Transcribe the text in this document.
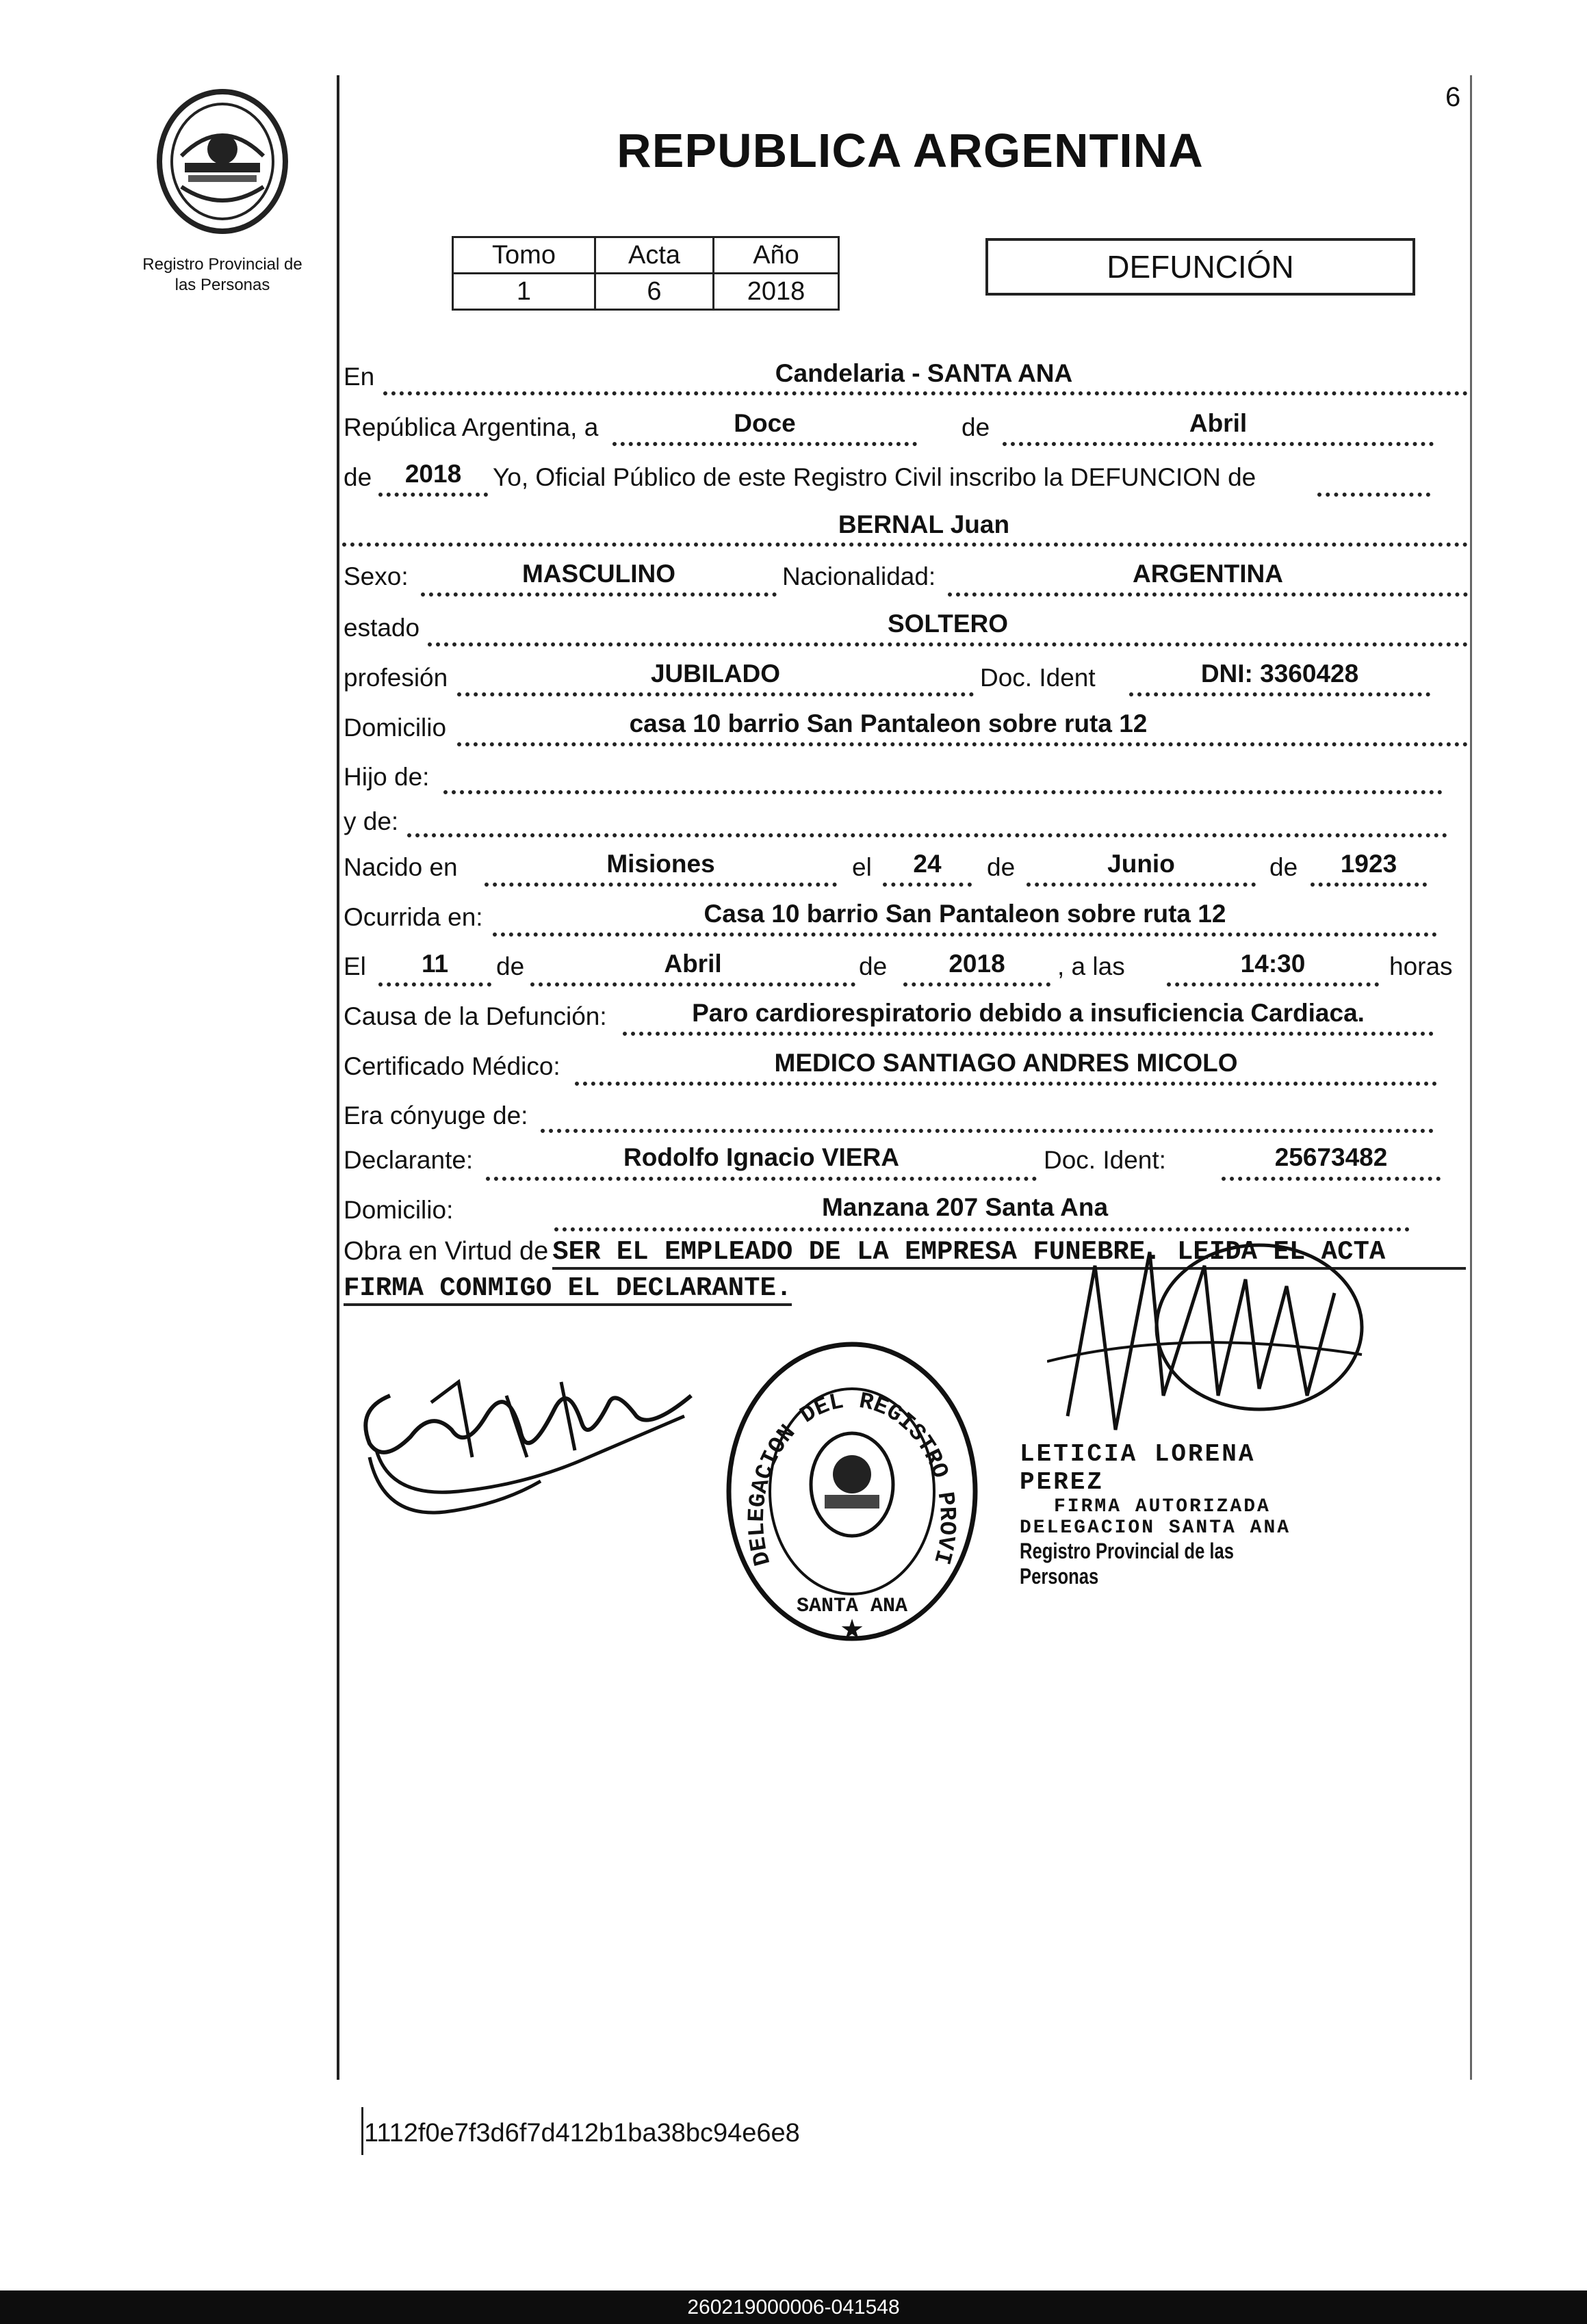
6
Registro Provincial de
las Personas
REPUBLICA ARGENTINA
Tomo	Acta	Año
1	6	2018
DEFUNCIÓN
En	Candelaria - SANTA ANA
República Argentina, a	Doce	de	Abril
de	2018	Yo, Oficial Público de este Registro Civil inscribo la DEFUNCION de
BERNAL Juan
Sexo:	MASCULINO	Nacionalidad:	ARGENTINA
estado	SOLTERO
profesión	JUBILADO	Doc. Ident	DNI: 3360428
Domicilio	casa 10 barrio San Pantaleon sobre ruta 12
Hijo de:
y de:
Nacido en	Misiones	el	24	de	Junio	de	1923
Ocurrida en:	Casa 10 barrio San Pantaleon sobre ruta 12
El	11	de	Abril	de	2018	, a las	14:30	horas
Causa de la Defunción:	Paro cardiorespiratorio debido a insuficiencia Cardiaca.
Certificado Médico:	MEDICO SANTIAGO ANDRES MICOLO
Era cónyuge de:
Declarante:	Rodolfo Ignacio VIERA	Doc. Ident:	25673482
Domicilio:	Manzana 207 Santa Ana
Obra en Virtud de SER EL EMPLEADO DE LA EMPRESA FUNEBRE. LEIDA EL ACTA
FIRMA CONMIGO EL DECLARANTE.
DELEGACION DEL REGISTRO PROVI
SANTA ANA
★
LETICIA LORENA PEREZ
FIRMA AUTORIZADA
DELEGACION SANTA ANA
Registro Provincial de las Personas
1112f0e7f3d6f7d412b1ba38bc94e6e8
260219000006-041548
